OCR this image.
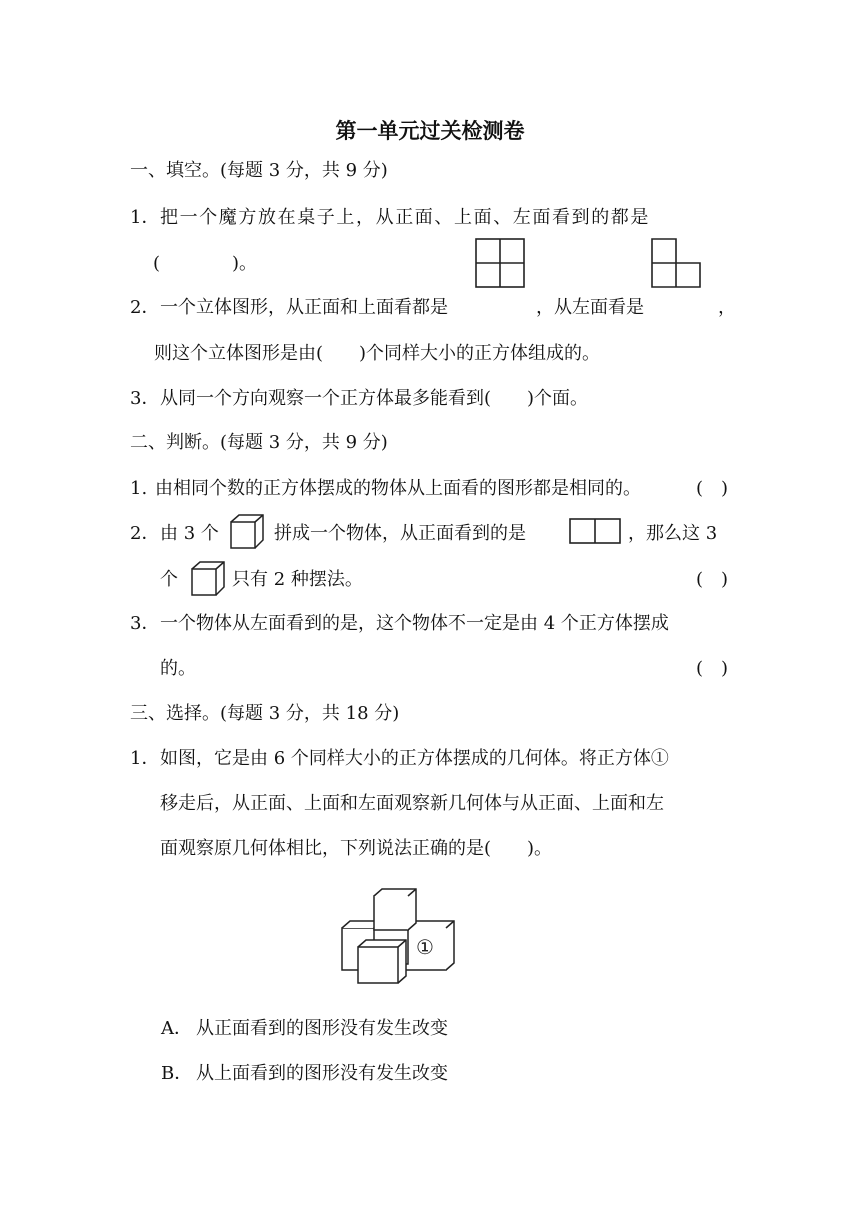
第一单元过关检测卷
一、填空。(每题 3 分，共 9 分)
1． 把一个魔方放在桌子上，从正面、上面、左面看到的都是
(　　　　)。
2． 一个立体图形，从正面和上面看都是	，从左面看是	，
则这个立体图形是由(　　)个同样大小的正方体组成的。
3． 从同一个方向观察一个正方体最多能看到(　　)个面。
二、判断。(每题 3 分，共 9 分)
1. 由相同个数的正方体摆成的物体从上面看的图形都是相同的。	(　)
2． 由 3 个	拼成一个物体，从正面看到的是	，那么这 3
个	只有 2 种摆法。	(　)
3． 一个物体从左面看到的是，这个物体不一定是由 4 个正方体摆成
的。	(　)
三、选择。(每题 3 分，共 18 分)
1． 如图，它是由 6 个同样大小的正方体摆成的几何体。将正方体①
移走后，从正面、上面和左面观察新几何体与从正面、上面和左
面观察原几何体相比，下列说法正确的是(　　)。
①
A． 从正面看到的图形没有发生改变
B． 从上面看到的图形没有发生改变
